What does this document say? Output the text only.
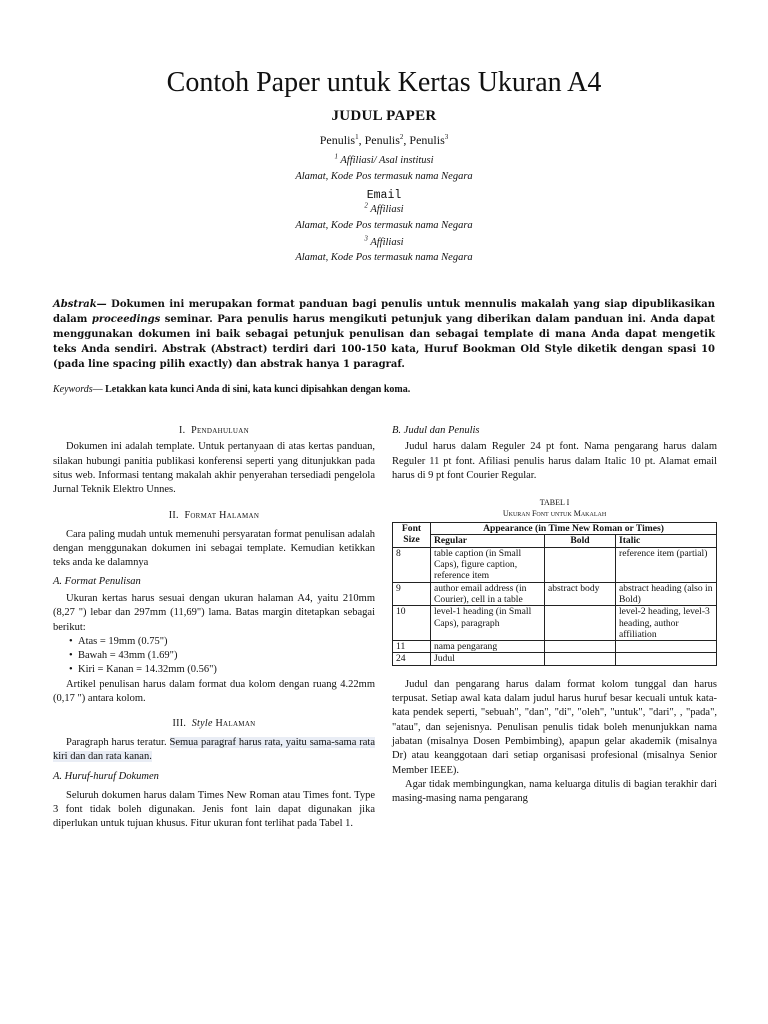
Contoh Paper untuk Kertas Ukuran A4
JUDUL PAPER
Penulis$^1$, Penulis$^2$, Penulis$^3$
$^1$ Affiliasi/ Asal institusi
Alamat, Kode Pos termasuk nama Negara
Email
$^2$ Affiliasi
Alamat, Kode Pos termasuk nama Negara
$^3$ Affiliasi
Alamat, Kode Pos termasuk nama Negara
Abstrak— Dokumen ini merupakan format panduan bagi penulis untuk mennulis makalah yang siap dipublikasikan dalam proceedings seminar. Para penulis harus mengikuti petunjuk yang diberikan dalam panduan ini. Anda dapat menggunakan dokumen ini baik sebagai petunjuk penulisan dan sebagai template di mana Anda dapat mengetik teks Anda sendiri. Abstrak (Abstract) terdiri dari 100-150 kata, Huruf Bookman Old Style diketik dengan spasi 10 (pada line spacing pilih exactly) dan abstrak hanya 1 paragraf.
Keywords— Letakkan kata kunci Anda di sini, kata kunci dipisahkan dengan koma.

I. Pendahuluan

Dokumen ini adalah template. Untuk pertanyaan di atas kertas panduan, silakan hubungi panitia publikasi konferensi seperti yang ditunjukkan pada situs web. Informasi tentang makalah akhir penyerahan tersediadi pengelola Jurnal Teknik Elektro Unnes.

II. Format Halaman

Cara paling mudah untuk memenuhi persyaratan format penulisan adalah dengan menggunakan dokumen ini sebagai template. Kemudian ketikkan teks anda ke dalamnya

A. Format Penulisan

Ukuran kertas harus sesuai dengan ukuran halaman A4, yaitu 210mm (8,27 ") lebar dan 297mm (11,69") lama. Batas margin ditetapkan sebagai berikut:

• Atas = 19mm (0.75")
• Bawah = 43mm (1.69")
• Kiri = Kanan = 14.32mm (0.56")

Artikel penulisan harus dalam format dua kolom dengan ruang 4.22mm (0,17 ") antara kolom.

III. Style Halaman

Paragraph harus teratur. Semua paragraf harus rata, yaitu sama-sama rata kiri dan dan rata kanan.

A. Huruf-huruf Dokumen

Seluruh dokumen harus dalam Times New Roman atau Times font. Type 3 font tidak boleh digunakan. Jenis font lain dapat digunakan jika diperlukan untuk tujuan khusus. Fitur ukuran font terlihat pada Tabel 1.

B. Judul dan Penulis

Judul harus dalam Reguler 24 pt font. Nama pengarang harus dalam Reguler 11 pt font. Afiliasi penulis harus dalam Italic 10 pt. Alamat email harus di 9 pt font Courier Regular.

TABEL I

Ukuran Font untuk Makalah

Font Size	Appearance (in Time New Roman or Times)		
	Regular	Bold	Italic
8	table caption (in Small Caps), figure caption, reference item		reference item (partial)
9	author email address (in Courier), cell in a table	abstract body	abstract heading (also in Bold)
10	level-1 heading (in Small Caps), paragraph		level-2 heading, level-3 heading, author affiliation
11	nama pengarang		
24	Judul		

Judul dan pengarang harus dalam format kolom tunggal dan harus terpusat. Setiap awal kata dalam judul harus huruf besar kecuali untuk kata-kata pendek seperti, "sebuah", "dan", "di", "oleh", "untuk", "dari", , "pada", "atau", dan sejenisnya. Penulisan penulis tidak boleh menunjukkan nama jabatan (misalnya Dosen Pembimbing), apapun gelar akademik (misalnya Dr) atau keanggotaan dari setiap organisasi profesional (misalnya Senior Member IEEE).

Agar tidak membingungkan, nama keluarga ditulis di bagian terakhir dari masing-masing nama pengarang
